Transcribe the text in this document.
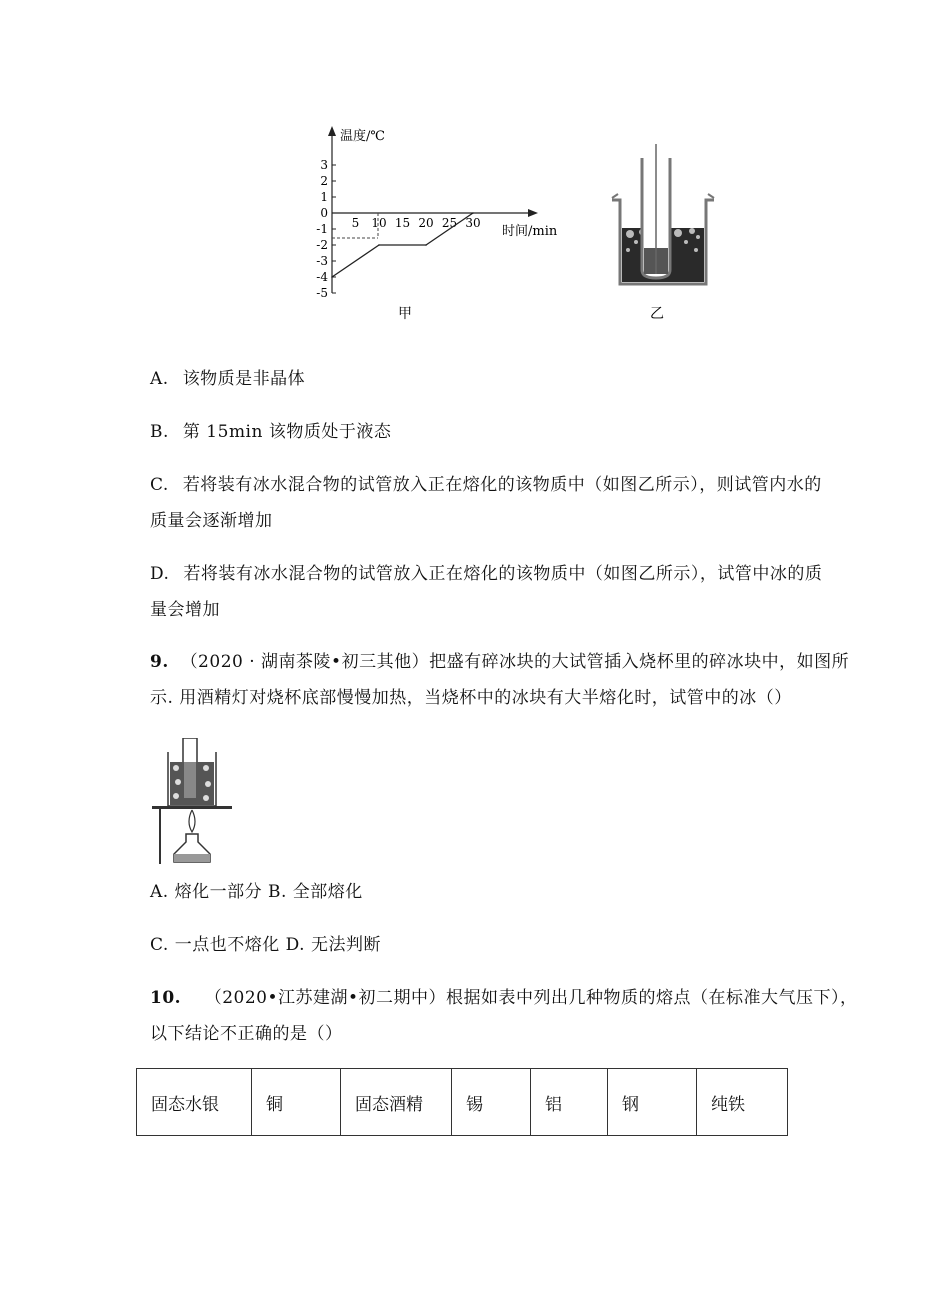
温度/℃
时间/min
3
2
1
0
-1
-2
-3
-4
-5
5 10 15 20 25 30
甲	乙
A. 该物质是非晶体
B. 第 15min 该物质处于液态
C. 若将装有冰水混合物的试管放入正在熔化的该物质中（如图乙所示），则试管内水的
质量会逐渐增加
D. 若将装有冰水混合物的试管放入正在熔化的该物质中（如图乙所示），试管中冰的质
量会增加
9. （2020 · 湖南茶陵•初三其他）把盛有碎冰块的大试管插入烧杯里的碎冰块中，如图所
示. 用酒精灯对烧杯底部慢慢加热，当烧杯中的冰块有大半熔化时，试管中的冰（）
A. 熔化一部分 B. 全部熔化
C. 一点也不熔化 D. 无法判断
10. （2020•江苏建湖•初二期中）根据如表中列出几种物质的熔点（在标准大气压下），
以下结论不正确的是（）
固态水银	铜	固态酒精	锡	铝	钢	纯铁
